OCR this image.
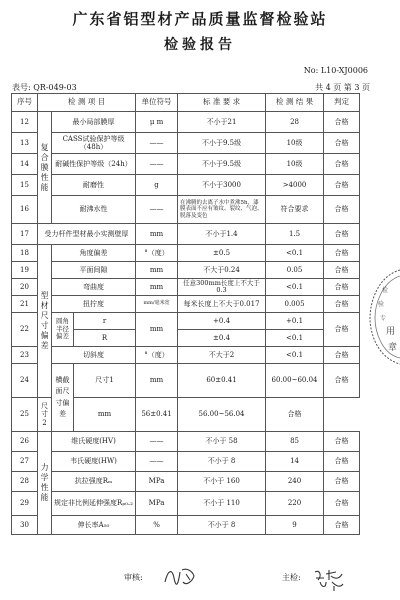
广东省铝型材产品质量监督检验站
检验报告
No: L10-XJ0006
表号: QR-049-03	共 4 页 第 3 页
序号	检 测 项 目			单位符号	标 准 要 求	检 测 结 果	判定
12	复合膜性能	最小局部膜厚		μ m	不小于21	28	合格
13		CASS试验保护等级（48h）		——	不小于9.5级	10级	合格
14		耐碱性保护等级（24h）		——	不小于9.5级	10级	合格
15		耐磨性		g	不小于3000	>4000	合格
16		耐沸水性		——	在沸腾的去离子水中煮沸5h，漆膜表面不应有皱纹、裂纹、气泡、脱落及变色	符合要求	合格
17	受力杆件型材最小实测壁厚			mm	不小于1.4	1.5	合格
18	型材尺寸偏差	角度偏差		°（度）	±0.5	<0.1	合格
19		平面间隙		mm	不大于0.24	0.05	合格
20		弯曲度		mm	任意300mm长度上不大于0.3	<0.1	合格
21		扭拧度		mm/毫米宽	每米长度上不大于0.017	0.005	合格
22		圆角半径偏差	r	mm	+0.4	+0.1	合格
			R		±0.4	<0.1	
23		切斜度		°（度）	不大于2	<0.1	合格
24		横截面尺寸偏差	尺寸1	mm	60±0.41	60.00~60.04	合格
25	尺寸2		mm	56±0.41	56.00~56.04	合格	
26	力学性能	维氏硬度(HV)		——	不小于 58	85	合格
27		韦氏硬度(HW)		——	不小于 8	14	合格
28		抗拉强度Rₘ		MPa	不小于 160	240	合格
29		规定非比例延伸强度Rₚ₀.₂		MPa	不小于 110	220	合格
30		伸长率A₅₀		%	不小于 8	9	合格
审核:	主检:
检
验
专
用
章
